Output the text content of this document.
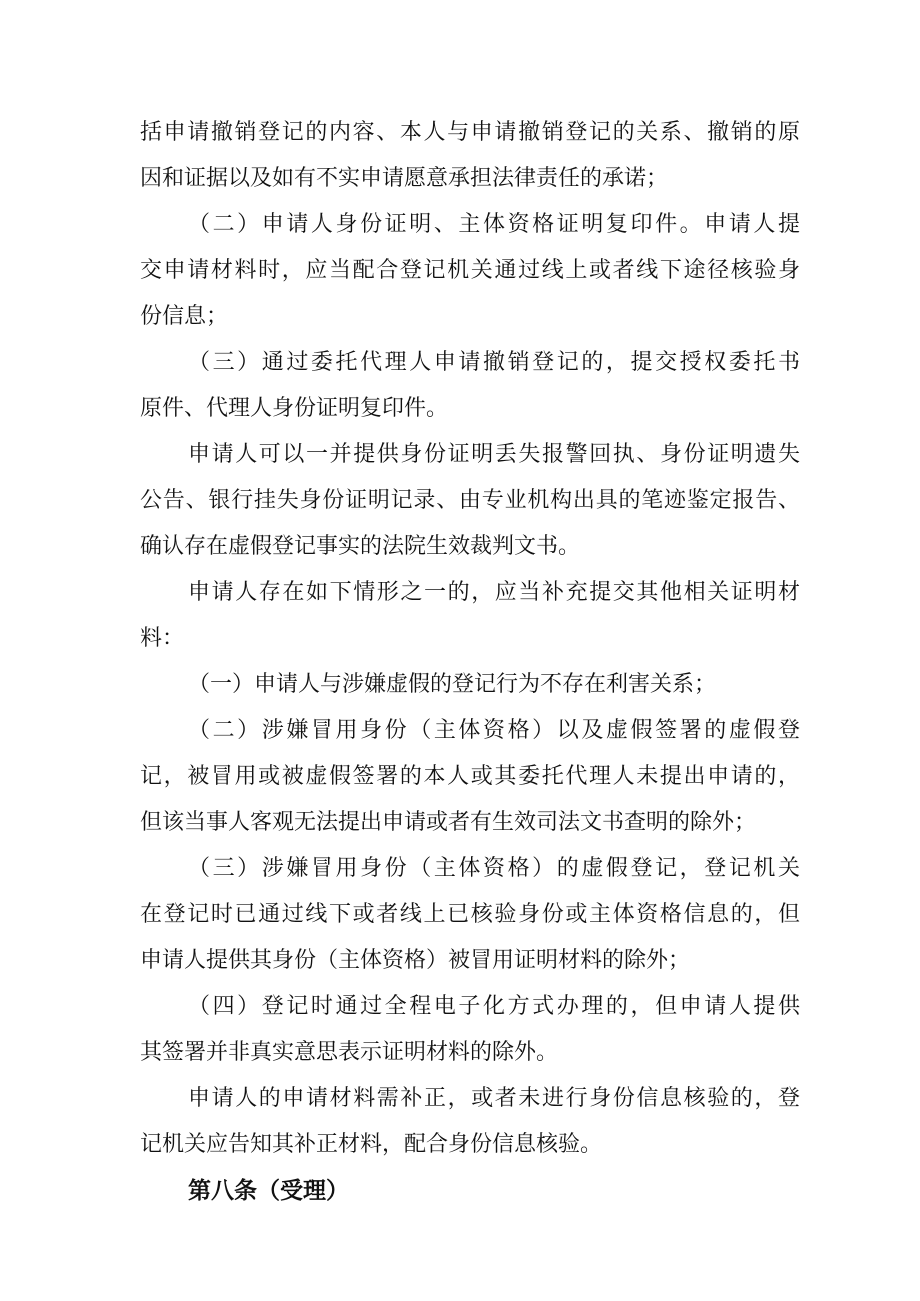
括申请撤销登记的内容、本人与申请撤销登记的关系、撤销的原
因和证据以及如有不实申请愿意承担法律责任的承诺；
（二）申请人身份证明、主体资格证明复印件。申请人提
交申请材料时，应当配合登记机关通过线上或者线下途径核验身
份信息；
（三）通过委托代理人申请撤销登记的，提交授权委托书
原件、代理人身份证明复印件。
申请人可以一并提供身份证明丢失报警回执、身份证明遗失
公告、银行挂失身份证明记录、由专业机构出具的笔迹鉴定报告、
确认存在虚假登记事实的法院生效裁判文书。
申请人存在如下情形之一的，应当补充提交其他相关证明材
料：
（一）申请人与涉嫌虚假的登记行为不存在利害关系；
（二）涉嫌冒用身份（主体资格）以及虚假签署的虚假登
记，被冒用或被虚假签署的本人或其委托代理人未提出申请的，
但该当事人客观无法提出申请或者有生效司法文书查明的除外；
（三）涉嫌冒用身份（主体资格）的虚假登记，登记机关
在登记时已通过线下或者线上已核验身份或主体资格信息的，但
申请人提供其身份（主体资格）被冒用证明材料的除外；
（四）登记时通过全程电子化方式办理的，但申请人提供
其签署并非真实意思表示证明材料的除外。
申请人的申请材料需补正，或者未进行身份信息核验的，登
记机关应告知其补正材料，配合身份信息核验。
第八条（受理）
